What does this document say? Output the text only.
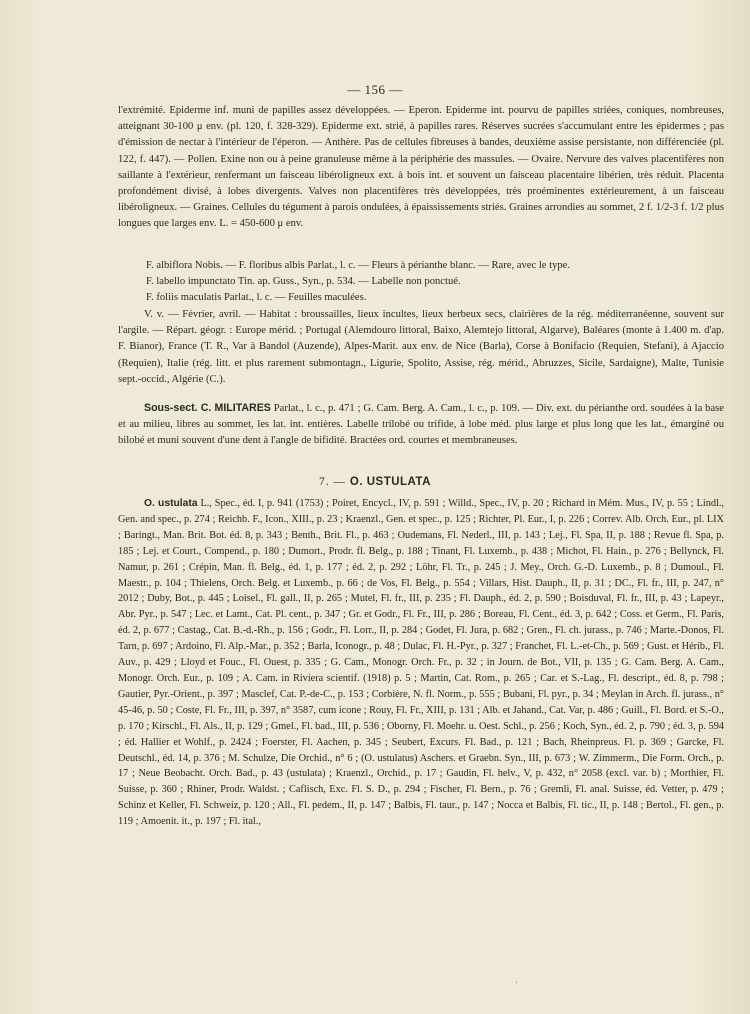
— 156 —

l'extrémité. Epiderme inf. muni de papilles assez développées. — Eperon. Epiderme int. pourvu de papilles striées, coniques, nombreuses, atteignant 30-100 μ env. (pl. 120, f. 328-329). Epiderme ext. strié, à papilles rares. Réserves sucrées s'accumulant entre les épidermes ; pas d'émission de nectar à l'intérieur de l'éperon. — Anthère. Pas de cellules fibreuses à bandes, deuxième assise persistante, non différenciée (pl. 122, f. 447). — Pollen. Exine non ou à peine granuleuse même à la périphérie des massules. — Ovaire. Nervure des valves placentifères non saillante à l'extérieur, renfermant un faisceau libéroligneux ext. à bois int. et souvent un faisceau placentaire libérien, très réduit. Placenta profondément divisé, à lobes divergents. Valves non placentifères très développées, très proéminentes extérieurement, à un faisceau libéroligneux. — Graines. Cellules du tégument à parois ondulées, à épaississements striés. Graines arrondies au sommet, 2 f. 1/2-3 f. 1/2 plus longues que larges env. L. = 450-600 μ env.

F. albiflora Nobis. — F. floribus albis Parlat., l. c. — Fleurs à périanthe blanc. — Rare, avec le type.
F. labello impunctato Tin. ap. Guss., Syn., p. 534. — Labelle non ponctué.
F. foliis maculatis Parlat., l. c. — Feuilles maculées.

V. v. — Février, avril. — Habitat : broussailles, lieux incultes, lieux herbeux secs, clairières de la rég. méditerranéenne, souvent sur l'argile. — Répart. géogr. : Europe mérid. ; Portugal (Alemdouro littoral, Baixo, Alemtejo littoral, Algarve), Baléares (monte à 1.400 m. d'ap. F. Bianor), France (T. R., Var à Bandol (Auzende), Alpes-Marit. aux env. de Nice (Barla), Corse à Bonifacio (Requien, Stefani), à Ajaccio (Requien), Italie (rég. litt. et plus rarement submontagn., Ligurie, Spolito, Assise, rég. mérid., Abruzzes, Sicile, Sardaigne), Malte, Tunisie sept.-occid., Algérie (C.).

Sous-sect. C. MILITARES Parlat., l. c., p. 471 ; G. Cam. Berg. A. Cam., l. c., p. 109. — Div. ext. du périanthe ord. soudées à la base et au milieu, libres au sommet, les lat. int. entières. Labelle trilobé ou trifide, à lobe méd. plus large et plus long que les lat., émarginé ou bilobé et muni souvent d'une dent à l'angle de bifidité. Bractées ord. courtes et membraneuses.

7. — O. USTULATA

O. ustulata L., Spec., éd. I, p. 941 (1753) ; Poiret, Encycl., IV, p. 591 ; Willd., Spec., IV, p. 20 ; Richard in Mém. Mus., IV, p. 55 ; Lindl., Gen. and spec., p. 274 ; Reichb. F., Icon., XIII., p. 23 ; Kraenzl., Gen. et spec., p. 125 ; Richter, Pl. Eur., I, p. 226 ; Correv. Alb. Orch. Eur., pl. LIX ; Baringt., Man. Brit. Bot. éd. 8, p. 343 ; Benth., Brit. Fl., p. 463 ; Oudemans, Fl. Nederl., III, p. 143 ; Lej., Fl. Spa, II, p. 188 ; Revue fl. Spa, p. 185 ; Lej. et Court., Compend., p. 180 ; Dumort., Prodr. fl. Belg., p. 188 ; Tinant, Fl. Luxemb., p. 438 ; Michot, Fl. Hain., p. 276 ; Bellynck, Fl. Namur, p. 261 ; Crépin, Man. fl. Belg., éd. 1, p. 177 ; éd. 2, p. 292 ; Löhr, Fl. Tr., p. 245 ; J. Mey., Orch. G.-D. Luxemb., p. 8 ; Dumoul., Fl. Maestr., p. 104 ; Thielens, Orch. Belg. et Luxemb., p. 66 ; de Vos, Fl. Belg., p. 554 ; Villars, Hist. Dauph., II, p. 31 ; DC., Fl. fr., III, p. 247, n° 2012 ; Duby, Bot., p. 445 ; Loisel., Fl. gall., II, p. 265 ; Mutel, Fl. fr., III, p. 235 ; Fl. Dauph., éd. 2, p. 590 ; Boisduval, Fl. fr., III, p. 43 ; Lapeyr., Abr. Pyr., p. 547 ; Lec. et Lamt., Cat. Pl. cent., p. 347 ; Gr. et Godr., Fl. Fr., III, p. 286 ; Boreau, Fl. Cent., éd. 3, p. 642 ; Coss. et Germ., Fl. Paris, éd. 2, p. 677 ; Castag., Cat. B.-d.-Rh., p. 156 ; Godr., Fl. Lorr., II, p. 284 ; Godet, Fl. Jura, p. 682 ; Gren., Fl. ch. jurass., p. 746 ; Marte.-Donos, Fl. Tarn, p. 697 ; Ardoino, Fl. Alp.-Mar., p. 352 ; Barla, Iconogr., p. 48 ; Dulac, Fl. H.-Pyr., p. 327 ; Franchet, Fl. L.-et-Ch., p. 569 ; Gust. et Hérib., Fl. Auv., p. 429 ; Lloyd et Fouc., Fl. Ouest, p. 335 ; G. Cam., Monogr. Orch. Fr., p. 32 ; in Journ. de Bot., VII, p. 135 ; G. Cam. Berg. A. Cam., Monogr. Orch. Eur., p. 109 ; A. Cam. in Riviera scientif. (1918) p. 5 ; Martin, Cat. Rom., p. 265 ; Car. et S.-Lag., Fl. descript., éd. 8, p. 798 ; Gautier, Pyr.-Orient., p. 397 ; Masclef, Cat. P.-de-C., p. 153 ; Corbière, N. fl. Norm., p. 555 ; Bubani, Fl. pyr., p. 34 ; Meylan in Arch. fl. jurass., n° 45-46, p. 50 ; Coste, Fl. Fr., III, p. 397, n° 3587, cum icone ; Rouy, Fl. Fr., XIII, p. 131 ; Alb. et Jahand., Cat. Var, p. 486 ; Guill., Fl. Bord. et S.-O., p. 170 ; Kirschl., Fl. Als., II, p. 129 ; Gmel., Fl. bad., III, p. 536 ; Oborny, Fl. Moehr. u. Oest. Schl., p. 256 ; Koch, Syn., éd. 2, p. 790 ; éd. 3, p. 594 ; éd. Hallier et Wohlf., p. 2424 ; Foerster, Fl. Aachen, p. 345 ; Seubert, Excurs. Fl. Bad., p. 121 ; Bach, Rheinpreus. Fl. p. 369 ; Garcke, Fl. Deutschl., éd. 14, p. 376 ; M. Schulze, Die Orchid., n° 6 ; (O. ustulatus) Aschers. et Graebn. Syn., III, p. 673 ; W. Zimmerm., Die Form. Orch., p. 17 ; Neue Beobacht. Orch. Bad., p. 43 (ustulata) ; Kraenzl., Orchid., p. 17 ; Gaudin, Fl. helv., V, p. 432, n° 2058 (excl. var. b) ; Morthier, Fl. Suisse, p. 360 ; Rhiner, Prodr. Waldst. ; Caflisch, Exc. Fl. S. D., p. 294 ; Fischer, Fl. Bern., p. 76 ; Gremli, Fl. anal. Suisse, éd. Vetter, p. 479 ; Schinz et Keller, Fl. Schweiz, p. 120 ; All., Fl. pedem., II, p. 147 ; Balbis, Fl. taur., p. 147 ; Nocca et Balbis, Fl. tic., II, p. 148 ; Bertol., Fl. gen., p. 119 ; Amoenit. it., p. 197 ; Fl. ital.,

'
